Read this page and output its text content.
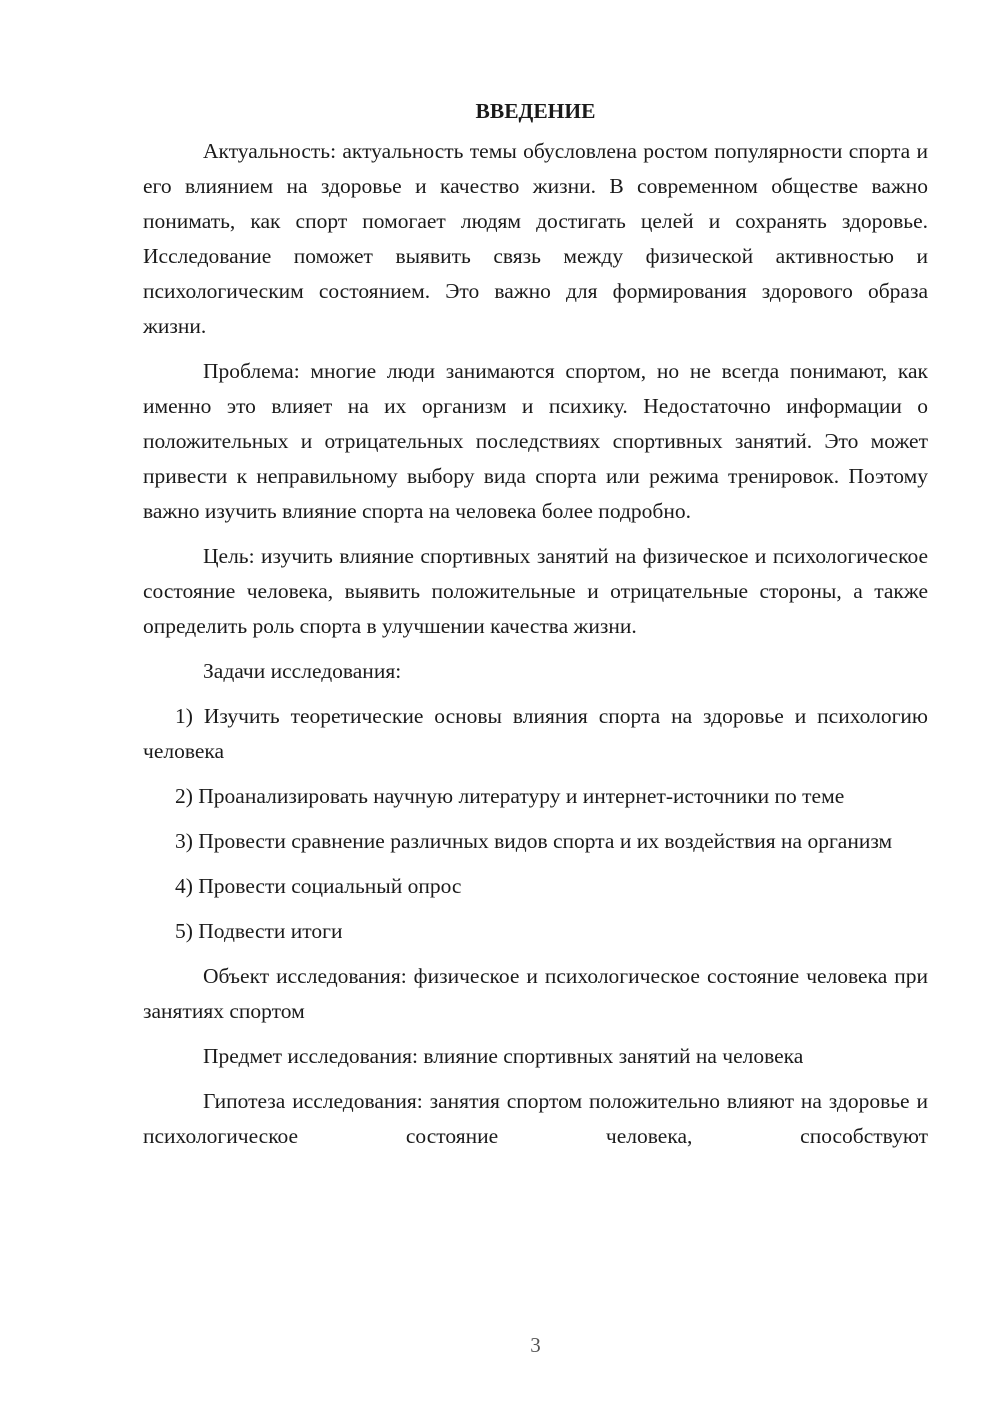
ВВЕДЕНИЕ

Актуальность: актуальность темы обусловлена ростом популярности спорта и его влиянием на здоровье и качество жизни. В современном обществе важно понимать, как спорт помогает людям достигать целей и сохранять здоровье. Исследование поможет выявить связь между физической активностью и психологическим состоянием. Это важно для формирования здорового образа жизни.

Проблема: многие люди занимаются спортом, но не всегда понимают, как именно это влияет на их организм и психику. Недостаточно информации о положительных и отрицательных последствиях спортивных занятий. Это может привести к неправильному выбору вида спорта или режима тренировок. Поэтому важно изучить влияние спорта на человека более подробно.

Цель: изучить влияние спортивных занятий на физическое и психологическое состояние человека, выявить положительные и отрицательные стороны, а также определить роль спорта в улучшении качества жизни.

Задачи исследования:

1) Изучить теоретические основы влияния спорта на здоровье и психологию человека

2) Проанализировать научную литературу и интернет-источники по теме

3) Провести сравнение различных видов спорта и их воздействия на организм

4) Провести социальный опрос

5) Подвести итоги

Объект исследования: физическое и психологическое состояние человека при занятиях спортом

Предмет исследования: влияние спортивных занятий на человека

Гипотеза исследования: занятия спортом положительно влияют на здоровье и психологическое состояние человека, способствуют

3
